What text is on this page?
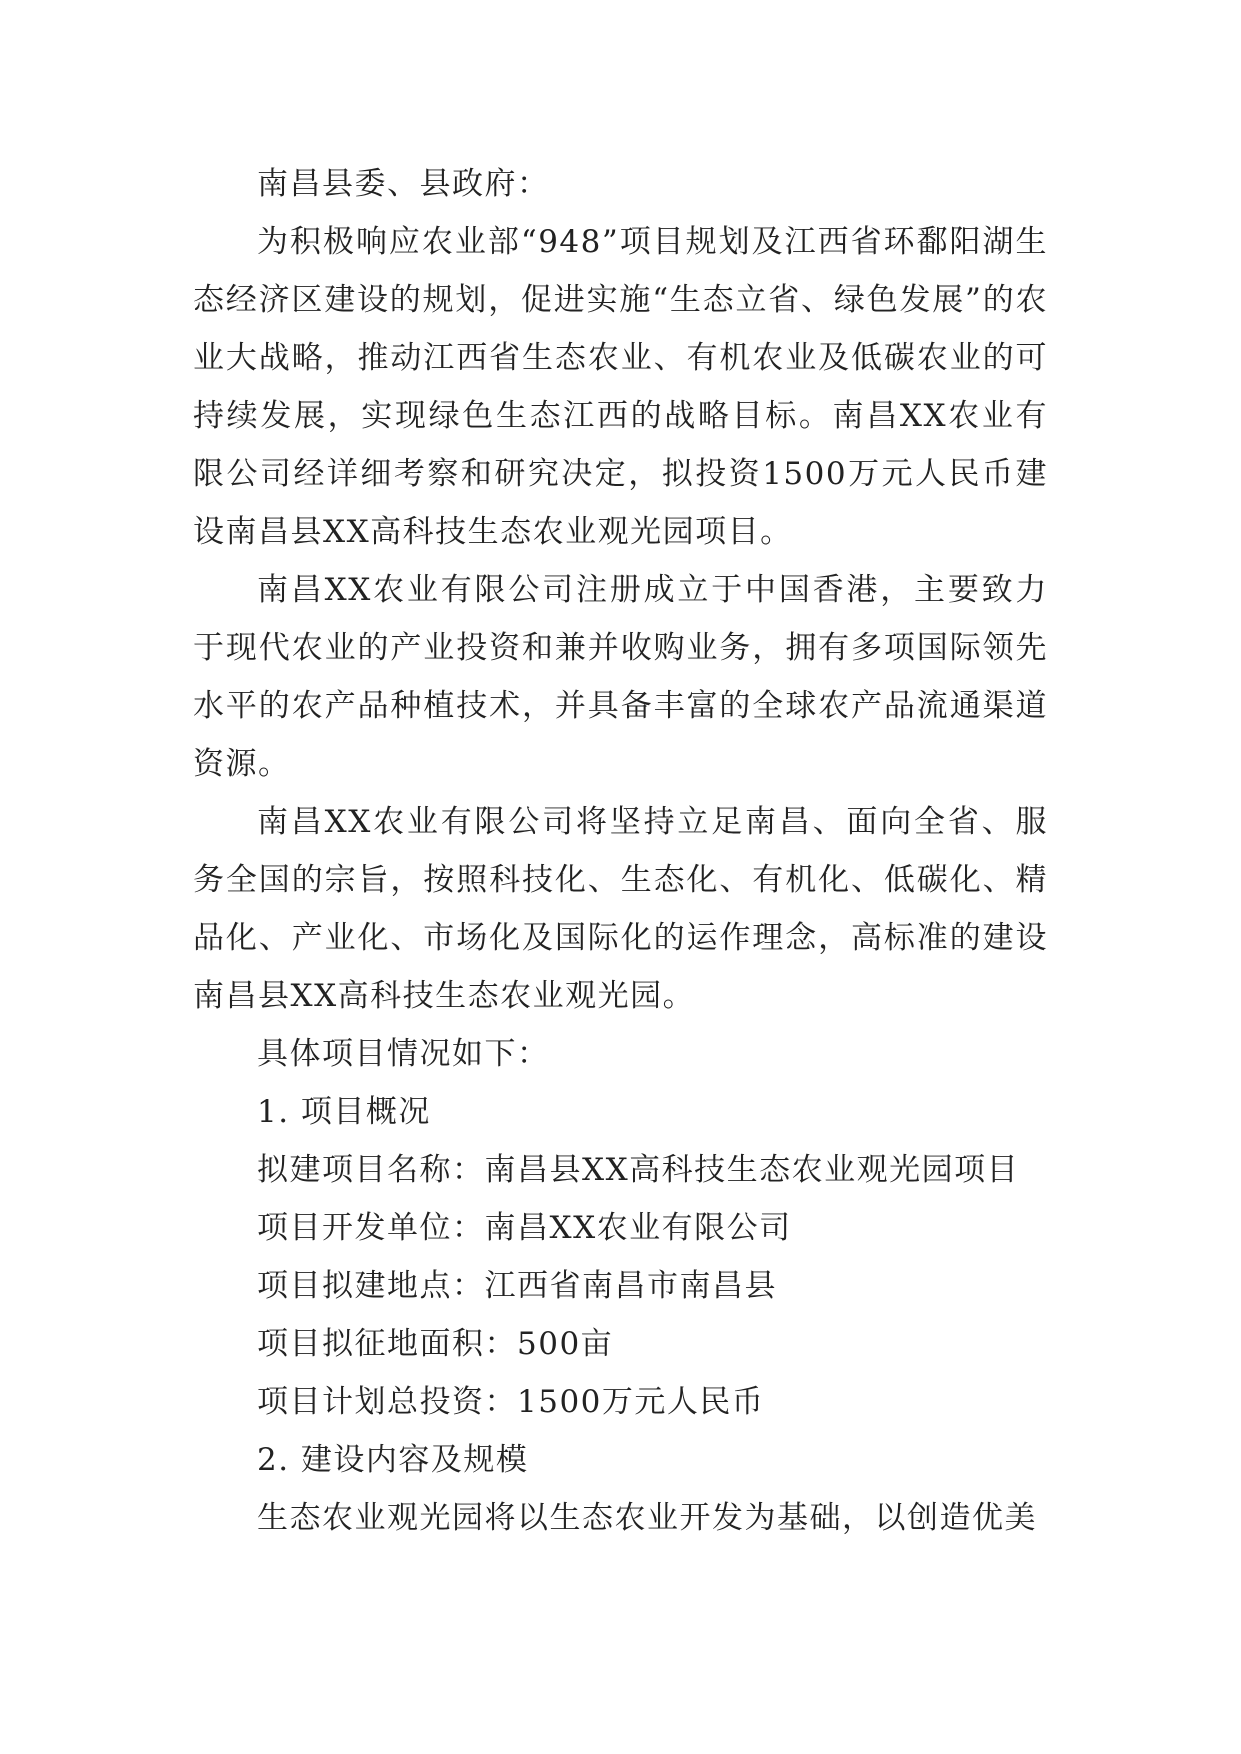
南昌县委、县政府：

为积极响应农业部“948”项目规划及江西省环鄱阳湖生态经济区建设的规划，促进实施“生态立省、绿色发展”的农业大战略，推动江西省生态农业、有机农业及低碳农业的可持续发展，实现绿色生态江西的战略目标。南昌XX农业有限公司经详细考察和研究决定，拟投资1500万元人民币建设南昌县XX高科技生态农业观光园项目。

南昌XX农业有限公司注册成立于中国香港，主要致力于现代农业的产业投资和兼并收购业务，拥有多项国际领先水平的农产品种植技术，并具备丰富的全球农产品流通渠道资源。

南昌XX农业有限公司将坚持立足南昌、面向全省、服务全国的宗旨，按照科技化、生态化、有机化、低碳化、精品化、产业化、市场化及国际化的运作理念，高标准的建设南昌县XX高科技生态农业观光园。

具体项目情况如下：

1. 项目概况

拟建项目名称：南昌县XX高科技生态农业观光园项目

项目开发单位：南昌XX农业有限公司

项目拟建地点：江西省南昌市南昌县

项目拟征地面积：500亩

项目计划总投资：1500万元人民币

2. 建设内容及规模

生态农业观光园将以生态农业开发为基础，以创造优美
